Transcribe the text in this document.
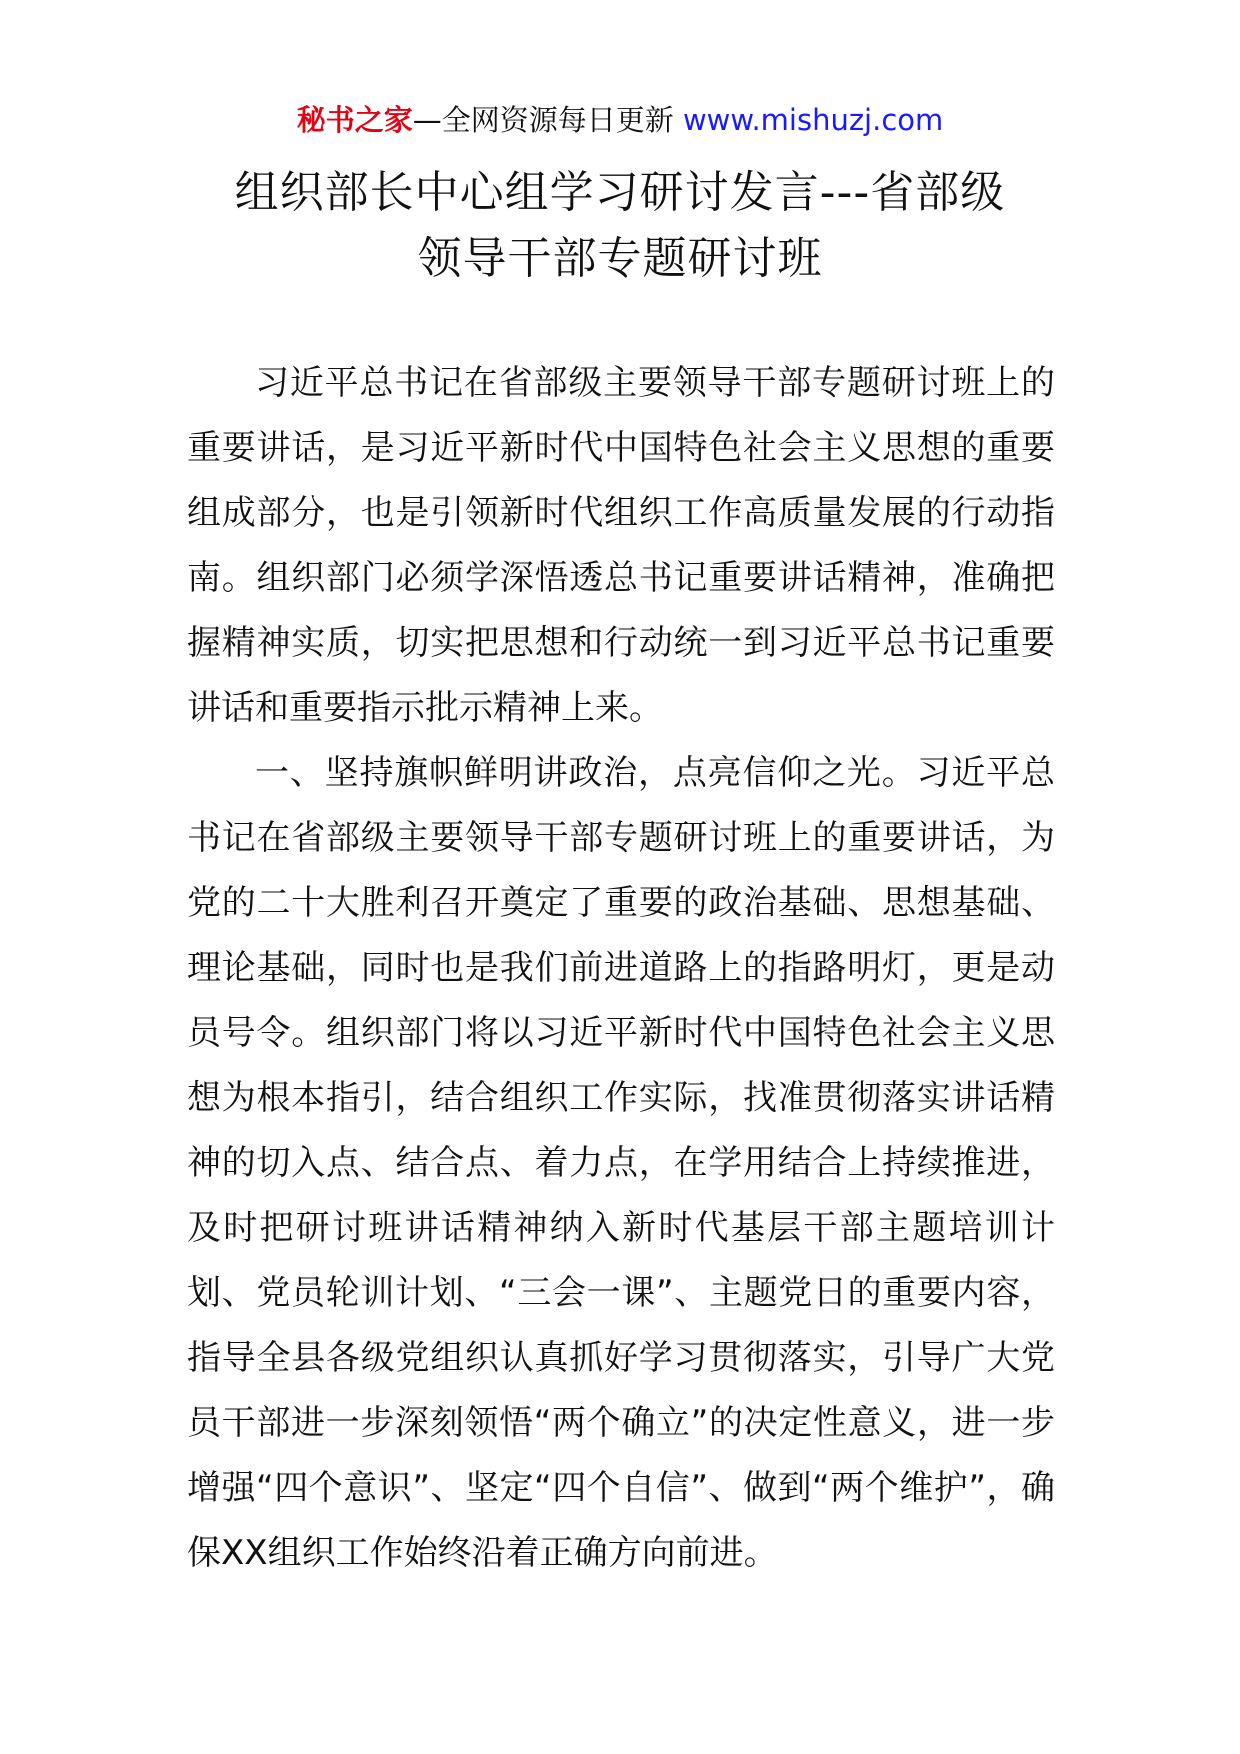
秘书之家—全网资源每日更新 www.mishuzj.com
组织部长中心组学习研讨发言---省部级
领导干部专题研讨班

习近平总书记在省部级主要领导干部专题研讨班上的重要讲话，是习近平新时代中国特色社会主义思想的重要组成部分，也是引领新时代组织工作高质量发展的行动指南。组织部门必须学深悟透总书记重要讲话精神，准确把握精神实质，切实把思想和行动统一到习近平总书记重要讲话和重要指示批示精神上来。

一、坚持旗帜鲜明讲政治，点亮信仰之光。习近平总书记在省部级主要领导干部专题研讨班上的重要讲话，为党的二十大胜利召开奠定了重要的政治基础、思想基础、理论基础，同时也是我们前进道路上的指路明灯，更是动员号令。组织部门将以习近平新时代中国特色社会主义思想为根本指引，结合组织工作实际，找准贯彻落实讲话精神的切入点、结合点、着力点，在学用结合上持续推进，及时把研讨班讲话精神纳入新时代基层干部主题培训计划、党员轮训计划、“三会一课”、主题党日的重要内容，指导全县各级党组织认真抓好学习贯彻落实，引导广大党员干部进一步深刻领悟“两个确立”的决定性意义，进一步增强“四个意识”、坚定“四个自信”、做到“两个维护”，确保XX组织工作始终沿着正确方向前进。
